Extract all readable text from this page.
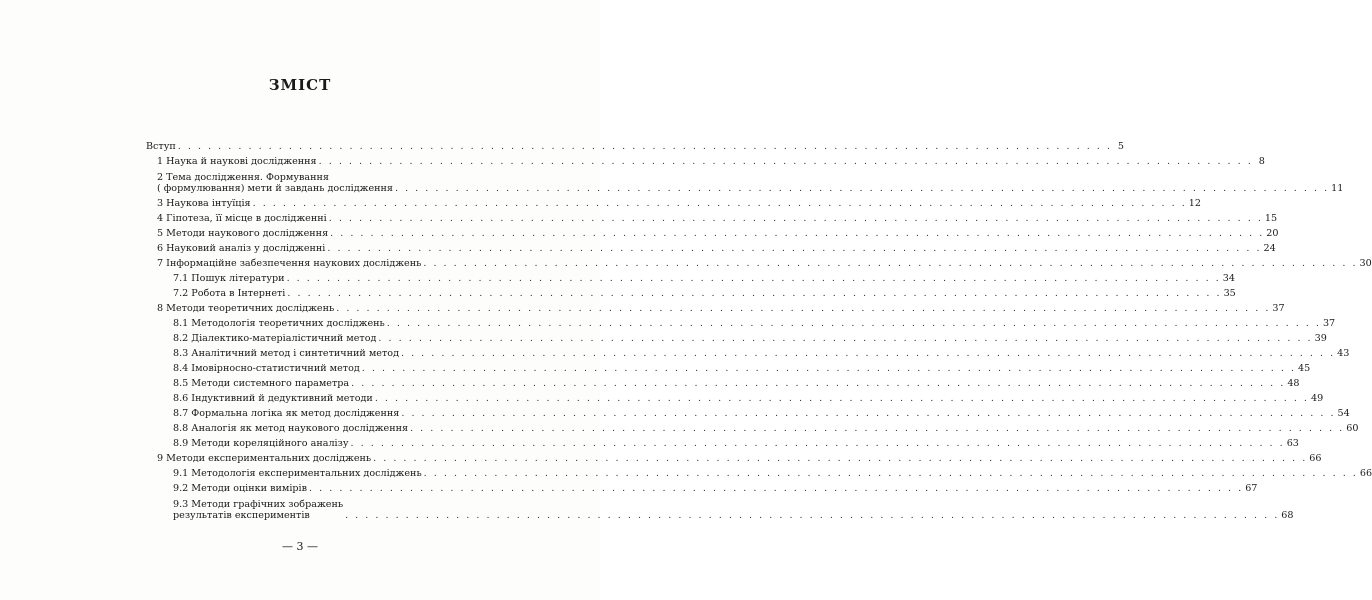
ЗМІСТ
Вступ . . .	5
1 Наука й наукові дослідження . . .	8
2 Тема дослідження. Формування
( формулювання) мети й завдань дослідження . . .	11
3 Наукова інтуїція . . .	12
4 Гіпотеза, її місце в дослідженні . . .	15
5 Методи наукового дослідження . . .	20
6 Науковий аналіз у дослідженні . . .	24
7 Інформаційне забезпечення наукових досліджень . . .	30
7.1 Пошук літератури . . .	34
7.2 Робота в Інтернеті . . .	35
8 Методи теоретичних досліджень . . .	37
8.1 Методологія теоретичних досліджень . . .	37
8.2 Діалектико-матеріалістичний метод . . .	39
8.3 Аналітичний метод і синтетичний метод . . .	43
8.4 Імовірносно-статистичний метод . . .	45
8.5 Методи системного параметра . . .	48
8.6 Індуктивний й дедуктивний методи . . .	49
8.7 Формальна логіка як метод дослідження . . .	54
8.8 Аналогія як метод наукового дослідження . . .	60
8.9 Методи кореляційного аналізу . . .	63
9 Методи експериментальних досліджень . . .	66
9.1 Методологія експериментальних досліджень . . .	66
9.2 Методи оцінки вимірів . . .	67
9.3 Методи графічних зображень
результатів експериментів . . .	68
— 3 —
